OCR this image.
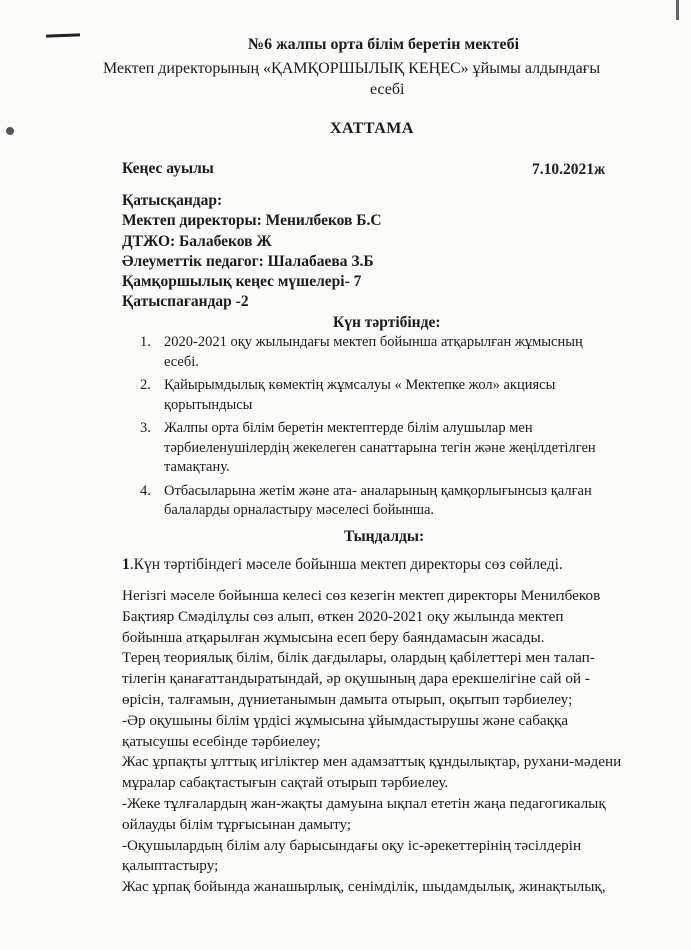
№6 жалпы орта білім беретін мектебі
Мектеп директорының «ҚАМҚОРШЫЛЫҚ КЕҢЕС» ұйымы алдындағы
есебі
ХАТТАМА
Кеңес ауылы	7.10.2021ж
Қатысқандар:
Мектеп директоры: Менилбеков Б.С
ДТЖО: Балабеков Ж
Әлеуметтік педагог: Шалабаева З.Б
Қамқоршылық кеңес мүшелері- 7
Қатыспағандар -2
Күн тәртібінде:
1. 2020-2021 оқу жылындағы мектеп бойынша атқарылған жұмысның
есебі.
2. Қайырымдылық көмектің жұмсалуы « Мектепке жол» акциясы
қорытындысы
3. Жалпы орта білім беретін мектептерде білім алушылар мен
тәрбиеленушілердің жекелеген санаттарына тегін және жеңілдетілген
тамақтану.
4. Отбасыларына жетім және ата- аналарының қамқорлығынсыз қалған
балаларды орналастыру мәселесі бойынша.
Тыңдалды:
1.Күн тәртібіндегі мәселе бойынша мектеп директоры сөз сөйледі.

Негізгі мәселе бойынша келесі сөз кезегін мектеп директоры Менилбеков

Бақтияр Смәділұлы сөз алып, өткен 2020-2021 оқу жылында мектеп

бойынша атқарылған жұмысына есеп беру баяндамасын жасады.

Терең теориялық білім, білік дағдылары, олардың қабілеттері мен талап-

тілегін қанағаттандыратындай, әр оқушының дара ерекшелігіне сай ой -

өрісін, талғамын, дүниетанымын дамыта отырып, оқытып тәрбиелеу;

-Әр оқушыны білім үрдісі жұмысына ұйымдастырушы және сабаққа

қатысушы есебінде тәрбиелеу;

Жас ұрпақты ұлттық игіліктер мен адамзаттық құндылықтар, рухани-мәдени

мұралар сабақтастығын сақтай отырып тәрбиелеу.

-Жеке тұлғалардың жан-жақты дамуына ықпал ететін жаңа педагогикалық

ойлауды білім тұрғысынан дамыту;

-Оқушылардың білім алу барысындағы оқу іс-әрекеттерінің тәсілдерін

қалыптастыру;

Жас ұрпақ бойында жанашырлық, сенімділік, шыдамдылық, жинақтылық,
